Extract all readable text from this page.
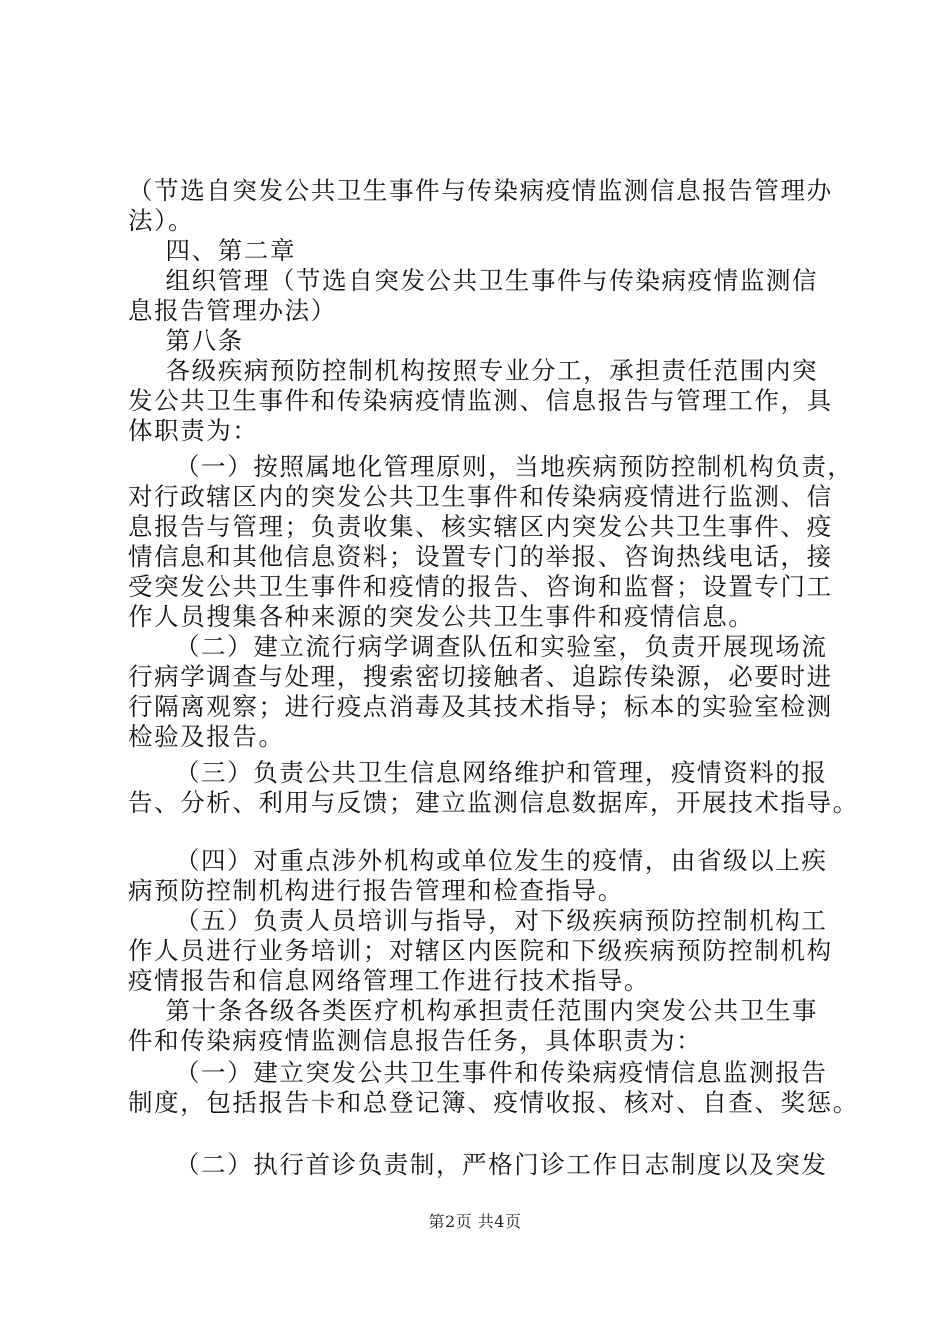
（节选自突发公共卫生事件与传染病疫情监测信息报告管理办
法）。
四、第二章
组织管理（节选自突发公共卫生事件与传染病疫情监测信
息报告管理办法）
第八条
各级疾病预防控制机构按照专业分工，承担责任范围内突
发公共卫生事件和传染病疫情监测、信息报告与管理工作，具
体职责为：
（一）按照属地化管理原则，当地疾病预防控制机构负责，
对行政辖区内的突发公共卫生事件和传染病疫情进行监测、信
息报告与管理；负责收集、核实辖区内突发公共卫生事件、疫
情信息和其他信息资料；设置专门的举报、咨询热线电话，接
受突发公共卫生事件和疫情的报告、咨询和监督；设置专门工
作人员搜集各种来源的突发公共卫生事件和疫情信息。
（二）建立流行病学调查队伍和实验室，负责开展现场流
行病学调查与处理，搜索密切接触者、追踪传染源，必要时进
行隔离观察；进行疫点消毒及其技术指导；标本的实验室检测
检验及报告。
（三）负责公共卫生信息网络维护和管理，疫情资料的报
告、分析、利用与反馈；建立监测信息数据库，开展技术指导。
（四）对重点涉外机构或单位发生的疫情，由省级以上疾
病预防控制机构进行报告管理和检查指导。
（五）负责人员培训与指导，对下级疾病预防控制机构工
作人员进行业务培训；对辖区内医院和下级疾病预防控制机构
疫情报告和信息网络管理工作进行技术指导。
第十条各级各类医疗机构承担责任范围内突发公共卫生事
件和传染病疫情监测信息报告任务，具体职责为：
（一）建立突发公共卫生事件和传染病疫情信息监测报告
制度，包括报告卡和总登记簿、疫情收报、核对、自查、奖惩。
（二）执行首诊负责制，严格门诊工作日志制度以及突发
第2页 共4页
